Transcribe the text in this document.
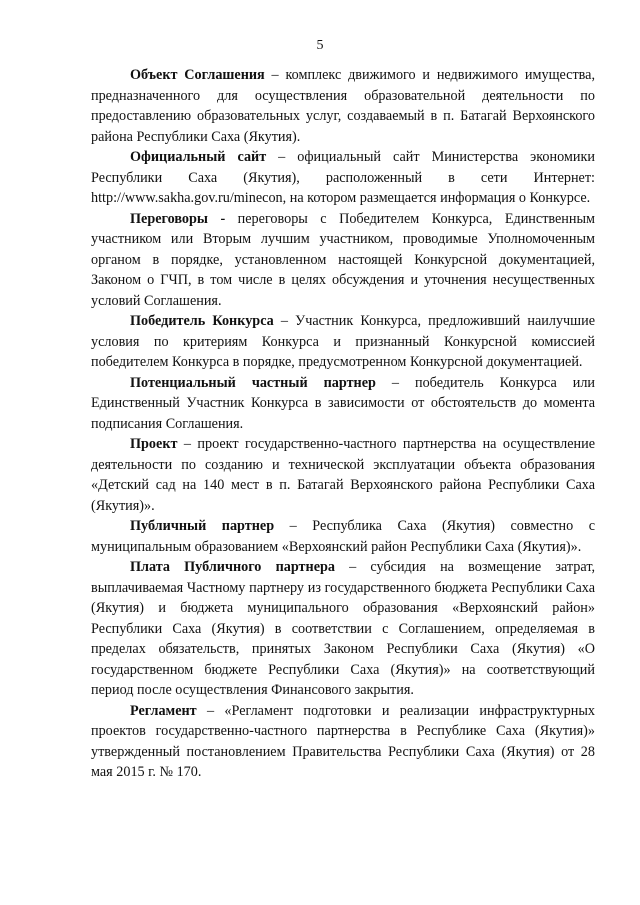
5

Объект Соглашения – комплекс движимого и недвижимого имущества, предназначенного для осуществления образовательной деятельности по предоставлению образовательных услуг, создаваемый в п. Батагай Верхоянского района Республики Саха (Якутия).

Официальный сайт – официальный сайт Министерства экономики Республики Саха (Якутия), расположенный в сети Интернет: http://www.sakha.gov.ru/minecon, на котором размещается информация о Конкурсе.

Переговоры - переговоры с Победителем Конкурса, Единственным участником или Вторым лучшим участником, проводимые Уполномоченным органом в порядке, установленном настоящей Конкурсной документацией, Законом о ГЧП, в том числе в целях обсуждения и уточнения несущественных условий Соглашения.

Победитель Конкурса – Участник Конкурса, предложивший наилучшие условия по критериям Конкурса и признанный Конкурсной комиссией победителем Конкурса в порядке, предусмотренном Конкурсной документацией.

Потенциальный частный партнер – победитель Конкурса или Единственный Участник Конкурса в зависимости от обстоятельств до момента подписания Соглашения.

Проект – проект государственно-частного партнерства на осуществление деятельности по созданию и технической эксплуатации объекта образования «Детский сад на 140 мест в п. Батагай Верхоянского района Республики Саха (Якутия)».

Публичный партнер – Республика Саха (Якутия) совместно с муниципальным образованием «Верхоянский район Республики Саха (Якутия)».

Плата Публичного партнера – субсидия на возмещение затрат, выплачиваемая Частному партнеру из государственного бюджета Республики Саха (Якутия) и бюджета муниципального образования «Верхоянский район» Республики Саха (Якутия) в соответствии с Соглашением, определяемая в пределах обязательств, принятых Законом Республики Саха (Якутия) «О государственном бюджете Республики Саха (Якутия)» на соответствующий период после осуществления Финансового закрытия.

Регламент – «Регламент подготовки и реализации инфраструктурных проектов государственно-частного партнерства в Республике Саха (Якутия)» утвержденный постановлением Правительства Республики Саха (Якутия) от 28 мая 2015 г. № 170.
